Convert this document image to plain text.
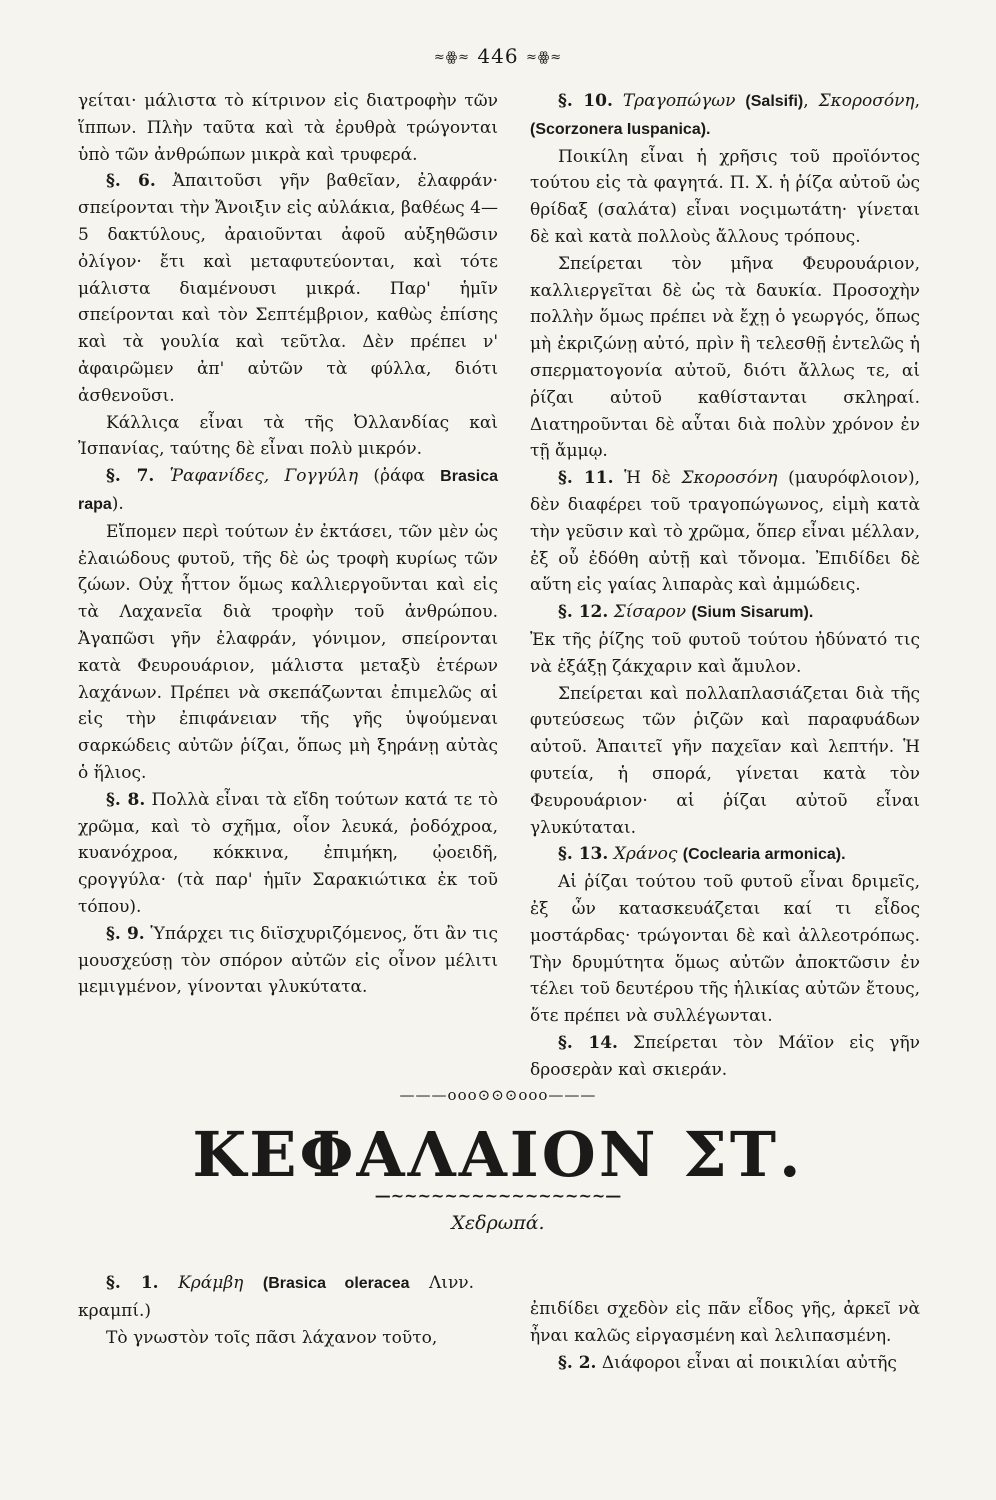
≈ꙮ≈ 446 ≈ꙮ≈

γείται· μάλιστα τὸ κίτρινον εἰς διατροφὴν τῶν ἵππων. Πλὴν ταῦτα καὶ τὰ ἐρυθρὰ τρώγονται ὑπὸ τῶν ἀνθρώπων μικρὰ καὶ τρυφερά.

§. 6. Ἀπαιτοῦσι γῆν βαθεῖαν, ἐλαφράν· σπείρονται τὴν Ἄνοιξιν εἰς αὐλάκια, βαθέως 4— 5 δακτύλους, ἀραιοῦνται ἀφοῦ αὐξηθῶσιν ὀλίγον· ἔτι καὶ μεταφυτεύονται, καὶ τότε μάλιστα διαμένουσι μικρά. Παρ' ἡμῖν σπείρονται καὶ τὸν Σεπτέμβριον, καθὼς ἐπίσης καὶ τὰ γουλία καὶ τεῦτλα. Δὲν πρέπει ν' ἀφαιρῶμεν ἀπ' αὐτῶν τὰ φύλλα, διότι ἀσθενοῦσι.

Κάλλιςα εἶναι τὰ τῆς Ὀλλανδίας καὶ Ἰσπανίας, ταύτης δὲ εἶναι πολὺ μικρόν.

§. 7. Ῥαφανίδες, Γογγύλη (ῥάφα Brasica rapa).

Εἴπομεν περὶ τούτων ἐν ἐκτάσει, τῶν μὲν ὡς ἐλαιώδους φυτοῦ, τῆς δὲ ὡς τροφὴ κυρίως τῶν ζώων. Οὐχ ἧττον ὅμως καλλιεργοῦνται καὶ εἰς τὰ Λαχανεῖα διὰ τροφὴν τοῦ ἀνθρώπου. Ἀγαπῶσι γῆν ἐλαφράν, γόνιμον, σπείρονται κατὰ Φευρουάριον, μάλιστα μεταξὺ ἑτέρων λαχάνων. Πρέπει νὰ σκεπάζωνται ἐπιμελῶς αἱ εἰς τὴν ἐπιφάνειαν τῆς γῆς ὑψούμεναι σαρκώδεις αὐτῶν ῥίζαι, ὅπως μὴ ξηράνῃ αὐτὰς ὁ ἥλιος.

§. 8. Πολλὰ εἶναι τὰ εἴδη τούτων κατά τε τὸ χρῶμα, καὶ τὸ σχῆμα, οἷον λευκά, ῥοδόχροα, κυανόχροα, κόκκινα, ἐπιμήκη, ᾠοειδῆ, ςρογγύλα· (τὰ παρ' ἡμῖν Σαρακιώτικα ἐκ τοῦ τόπου).

§. 9. Ὑπάρχει τις διϊσχυριζόμενος, ὅτι ἂν τις μουσχεύσῃ τὸν σπόρον αὐτῶν εἰς οἶνον μέλιτι μεμιγμένον, γίνονται γλυκύτατα.

§. 10. Τραγοπώγων (Salsifi), Σκοροσόνη, (Scorzonera Iuspanica).

Ποικίλη εἶναι ἡ χρῆσις τοῦ προϊόντος τούτου εἰς τὰ φαγητά. Π. Χ. ἡ ῥίζα αὐτοῦ ὡς θρίδαξ (σαλάτα) εἶναι νοςιμωτάτη· γίνεται δὲ καὶ κατὰ πολλοὺς ἄλλους τρόπους.

Σπείρεται τὸν μῆνα Φευρουάριον, καλλιεργεῖται δὲ ὡς τὰ δαυκία. Προσοχὴν πολλὴν ὅμως πρέπει νὰ ἔχῃ ὁ γεωργός, ὅπως μὴ ἐκριζώνῃ αὐτό, πρὶν ἢ τελεσθῇ ἐντελῶς ἡ σπερματογονία αὐτοῦ, διότι ἄλλως τε, αἱ ῥίζαι αὐτοῦ καθίστανται σκληραί. Διατηροῦνται δὲ αὗται διὰ πολὺν χρόνον ἐν τῇ ἄμμῳ.

§. 11. Ἡ δὲ Σκοροσόνη (μαυρόφλοιον), δὲν διαφέρει τοῦ τραγοπώγωνος, εἰμὴ κατὰ τὴν γεῦσιν καὶ τὸ χρῶμα, ὅπερ εἶναι μέλλαν, ἐξ οὗ ἐδόθη αὐτῇ καὶ τὄνομα. Ἐπιδίδει δὲ αὕτη εἰς γαίας λιπαρὰς καὶ ἀμμώδεις.

§. 12. Σίσαρον (Sium Sisarum).

Ἐκ τῆς ῥίζης τοῦ φυτοῦ τούτου ἠδύνατό τις νὰ ἐξάξῃ ζάκχαριν καὶ ἄμυλον.

Σπείρεται καὶ πολλαπλασιάζεται διὰ τῆς φυτεύσεως τῶν ῥιζῶν καὶ παραφυάδων αὐτοῦ. Ἀπαιτεῖ γῆν παχεῖαν καὶ λεπτήν. Ἡ φυτεία, ἡ σπορά, γίνεται κατὰ τὸν Φευρουάριον· αἱ ῥίζαι αὐτοῦ εἶναι γλυκύταται.

§. 13. Χράνος (Coclearia armonica).

Αἱ ῥίζαι τούτου τοῦ φυτοῦ εἶναι δριμεῖς, ἐξ ὧν κατασκευάζεται καί τι εἶδος μοστάρδας· τρώγονται δὲ καὶ ἀλλεοτρόπως. Τὴν δρυμύτητα ὅμως αὐτῶν ἀποκτῶσιν ἐν τέλει τοῦ δευτέρου τῆς ἡλικίας αὐτῶν ἔτους, ὅτε πρέπει νὰ συλλέγωνται.

§. 14. Σπείρεται τὸν Μάϊον εἰς γῆν δροσερὰν καὶ σκιεράν.

———ooo⊙⊙⊙ooo———
ΚΕΦΑΛΑΙΟΝ ΣΤ.
—~~~~~~~~~~~~~~~~—
Χεδρωπά.

§. 1. Κράμβη (Brasica oleracea Λινν. κραμπί.)

Τὸ γνωστὸν τοῖς πᾶσι λάχανον τοῦτο,

ἐπιδίδει σχεδὸν εἰς πᾶν εἶδος γῆς, ἀρκεῖ νὰ ἦναι καλῶς εἰργασμένη καὶ λελιπασμένη.

§. 2. Διάφοροι εἶναι αἱ ποικιλίαι αὐτῆς
